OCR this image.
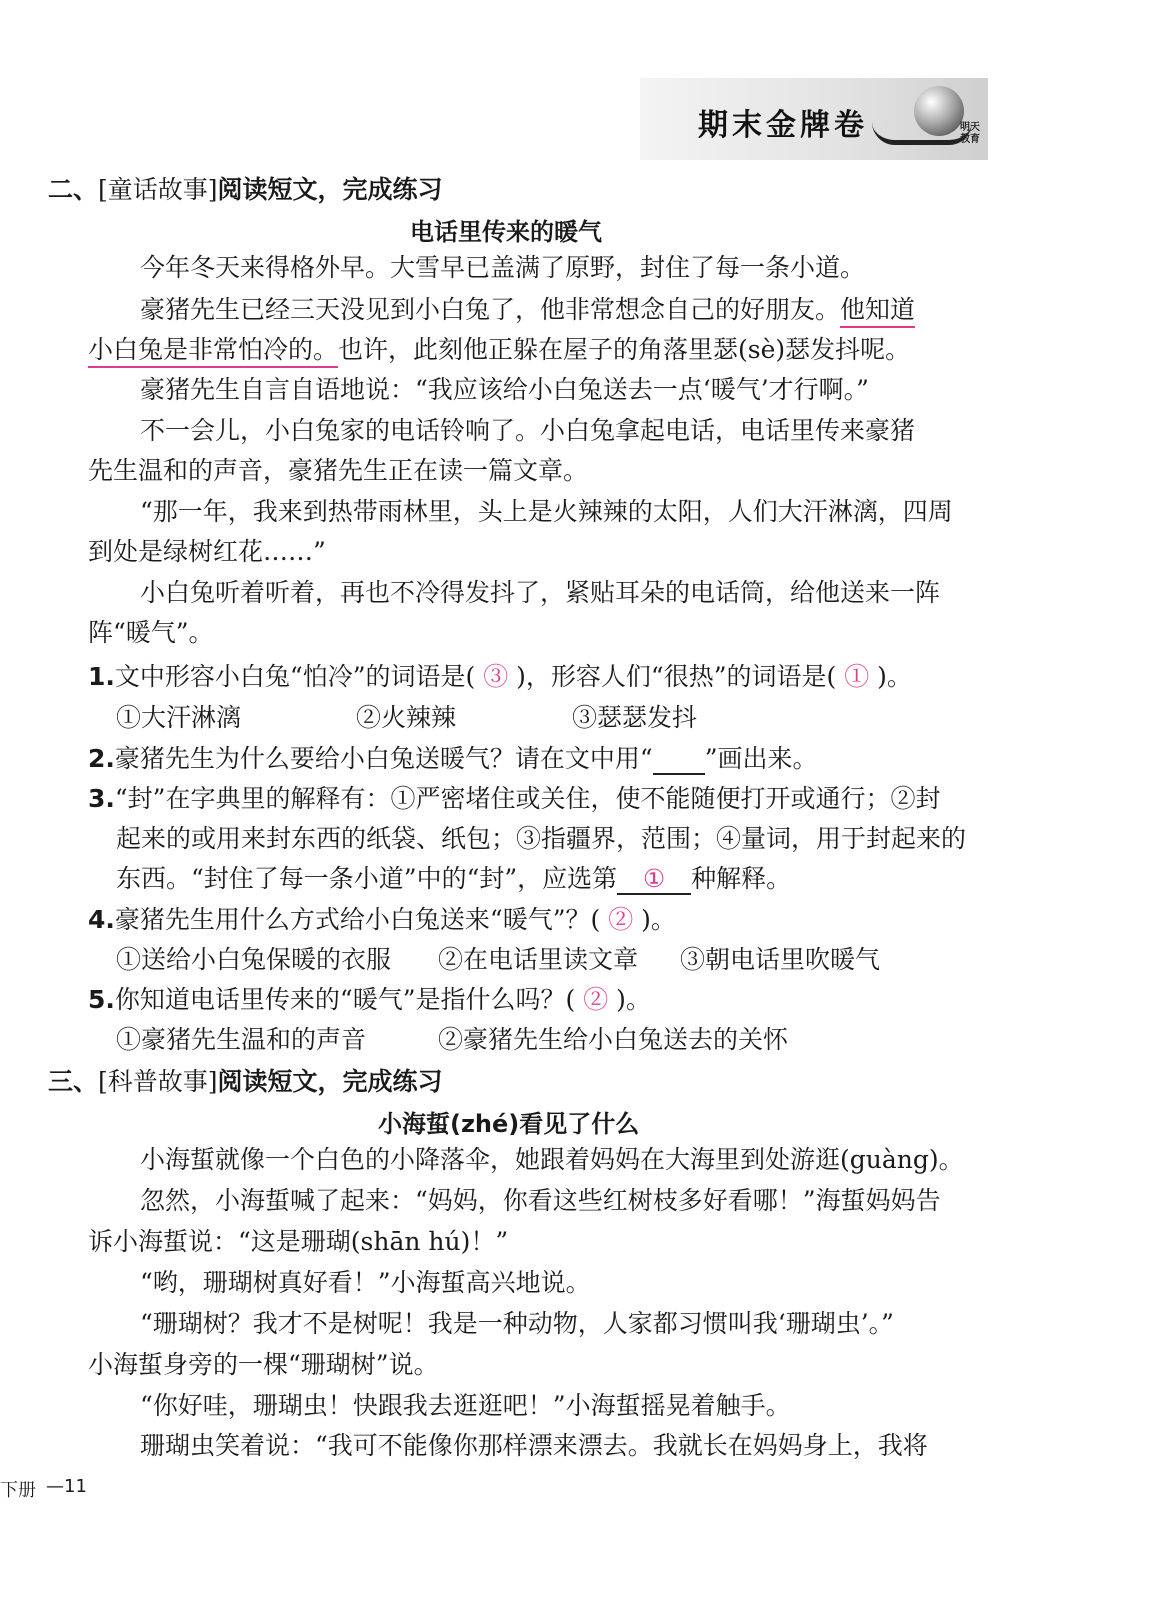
期末金牌卷	明天教育
二、[童话故事]阅读短文，完成练习
电话里传来的暖气
今年冬天来得格外早。大雪早已盖满了原野，封住了每一条小道。
豪猪先生已经三天没见到小白兔了，他非常想念自己的好朋友。他知道
小白兔是非常怕冷的。也许，此刻他正躲在屋子的角落里瑟(sè)瑟发抖呢。
豪猪先生自言自语地说：“我应该给小白兔送去一点‘暖气’才行啊。”
不一会儿，小白兔家的电话铃响了。小白兔拿起电话，电话里传来豪猪
先生温和的声音，豪猪先生正在读一篇文章。
“那一年，我来到热带雨林里，头上是火辣辣的太阳，人们大汗淋漓，四周
到处是绿树红花……”
小白兔听着听着，再也不冷得发抖了，紧贴耳朵的电话筒，给他送来一阵
阵“暖气”。
1.文中形容小白兔“怕冷”的词语是( ③ )，形容人们“很热”的词语是( ① )。
①大汗淋漓	②火辣辣	③瑟瑟发抖
2.豪猪先生为什么要给小白兔送暖气？请在文中用“ ”画出来。
3.“封”在字典里的解释有：①严密堵住或关住，使不能随便打开或通行；②封
起来的或用来封东西的纸袋、纸包；③指疆界，范围；④量词，用于封起来的
东西。“封住了每一条小道”中的“封”，应选第 ① 种解释。
4.豪猪先生用什么方式给小白兔送来“暖气”？( ② )。
①送给小白兔保暖的衣服 ②在电话里读文章 ③朝电话里吹暖气
5.你知道电话里传来的“暖气”是指什么吗？( ② )。
①豪猪先生温和的声音	②豪猪先生给小白兔送去的关怀
三、[科普故事]阅读短文，完成练习
小海蜇(zhé)看见了什么
小海蜇就像一个白色的小降落伞，她跟着妈妈在大海里到处游逛(guàng)。
忽然，小海蜇喊了起来：“妈妈，你看这些红树枝多好看哪！”海蜇妈妈告
诉小海蜇说：“这是珊瑚(shān hú)！”
“哟，珊瑚树真好看！”小海蜇高兴地说。
“珊瑚树？我才不是树呢！我是一种动物，人家都习惯叫我‘珊瑚虫’。”
小海蜇身旁的一棵“珊瑚树”说。
“你好哇，珊瑚虫！快跟我去逛逛吧！”小海蜇摇晃着触手。
珊瑚虫笑着说：“我可不能像你那样漂来漂去。我就长在妈妈身上，我将
下册 —11
